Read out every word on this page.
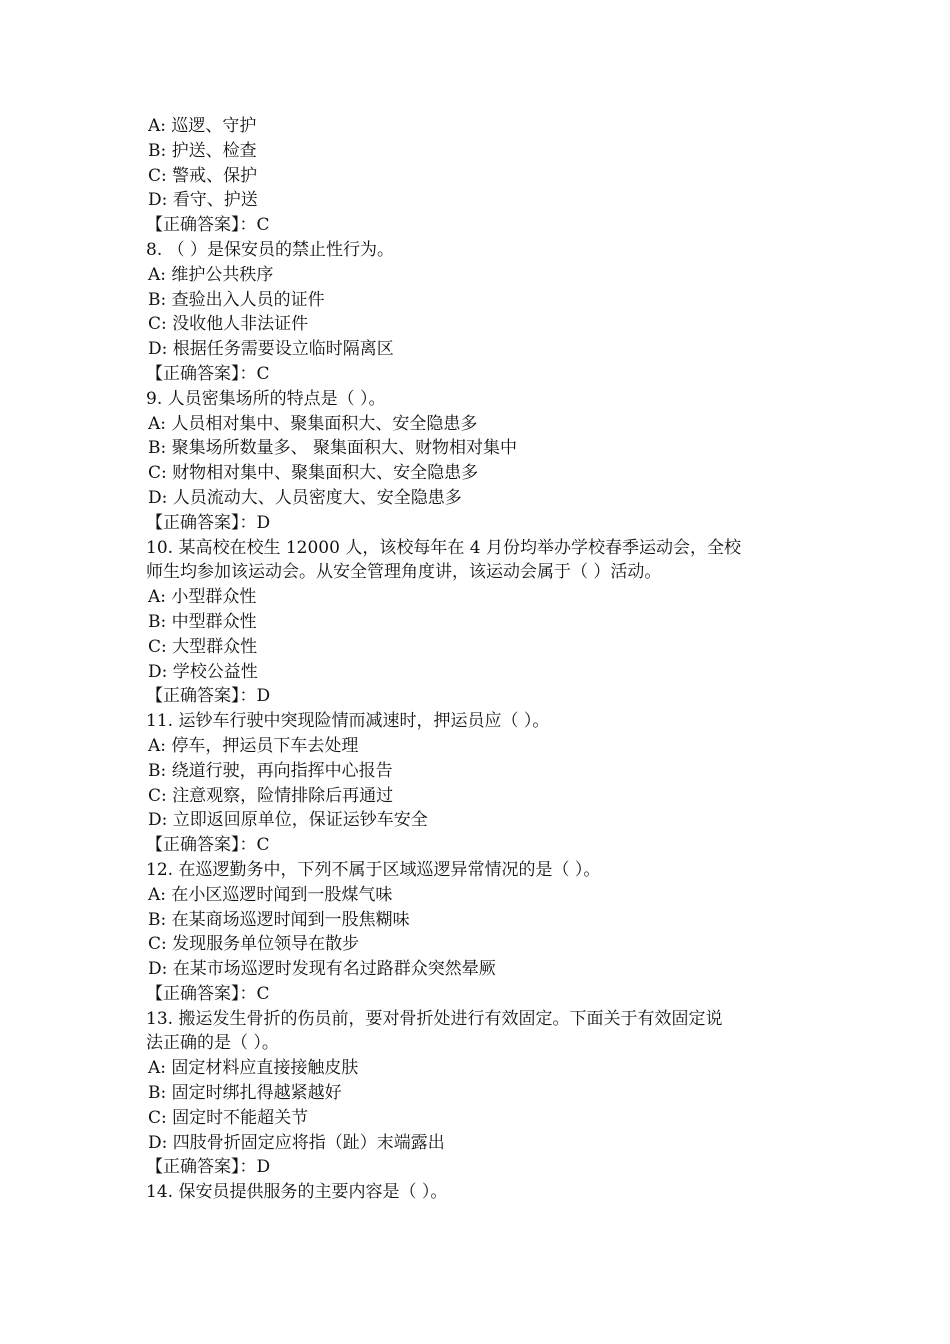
A: 巡逻、守护
B: 护送、检查
C: 警戒、保护
D: 看守、护送
【正确答案】：C
8. （ ）是保安员的禁止性行为。
A: 维护公共秩序
B: 查验出入人员的证件
C: 没收他人非法证件
D: 根据任务需要设立临时隔离区
【正确答案】：C
9. 人员密集场所的特点是（ ）。
A: 人员相对集中、聚集面积大、安全隐患多
B: 聚集场所数量多、 聚集面积大、财物相对集中
C: 财物相对集中、聚集面积大、安全隐患多
D: 人员流动大、人员密度大、安全隐患多
【正确答案】：D
10. 某高校在校生 12000 人，该校每年在 4 月份均举办学校春季运动会，全校
师生均参加该运动会。从安全管理角度讲，该运动会属于（ ）活动。
A: 小型群众性
B: 中型群众性
C: 大型群众性
D: 学校公益性
【正确答案】：D
11. 运钞车行驶中突现险情而减速时，押运员应（ ）。
A: 停车，押运员下车去处理
B: 绕道行驶，再向指挥中心报告
C: 注意观察，险情排除后再通过
D: 立即返回原单位，保证运钞车安全
【正确答案】：C
12. 在巡逻勤务中，下列不属于区域巡逻异常情况的是（ ）。
A: 在小区巡逻时闻到一股煤气味
B: 在某商场巡逻时闻到一股焦糊味
C: 发现服务单位领导在散步
D: 在某市场巡逻时发现有名过路群众突然晕厥
【正确答案】：C
13. 搬运发生骨折的伤员前，要对骨折处进行有效固定。下面关于有效固定说
法正确的是（ ）。
A: 固定材料应直接接触皮肤
B: 固定时绑扎得越紧越好
C: 固定时不能超关节
D: 四肢骨折固定应将指（趾）末端露出
【正确答案】：D
14. 保安员提供服务的主要内容是（ ）。
